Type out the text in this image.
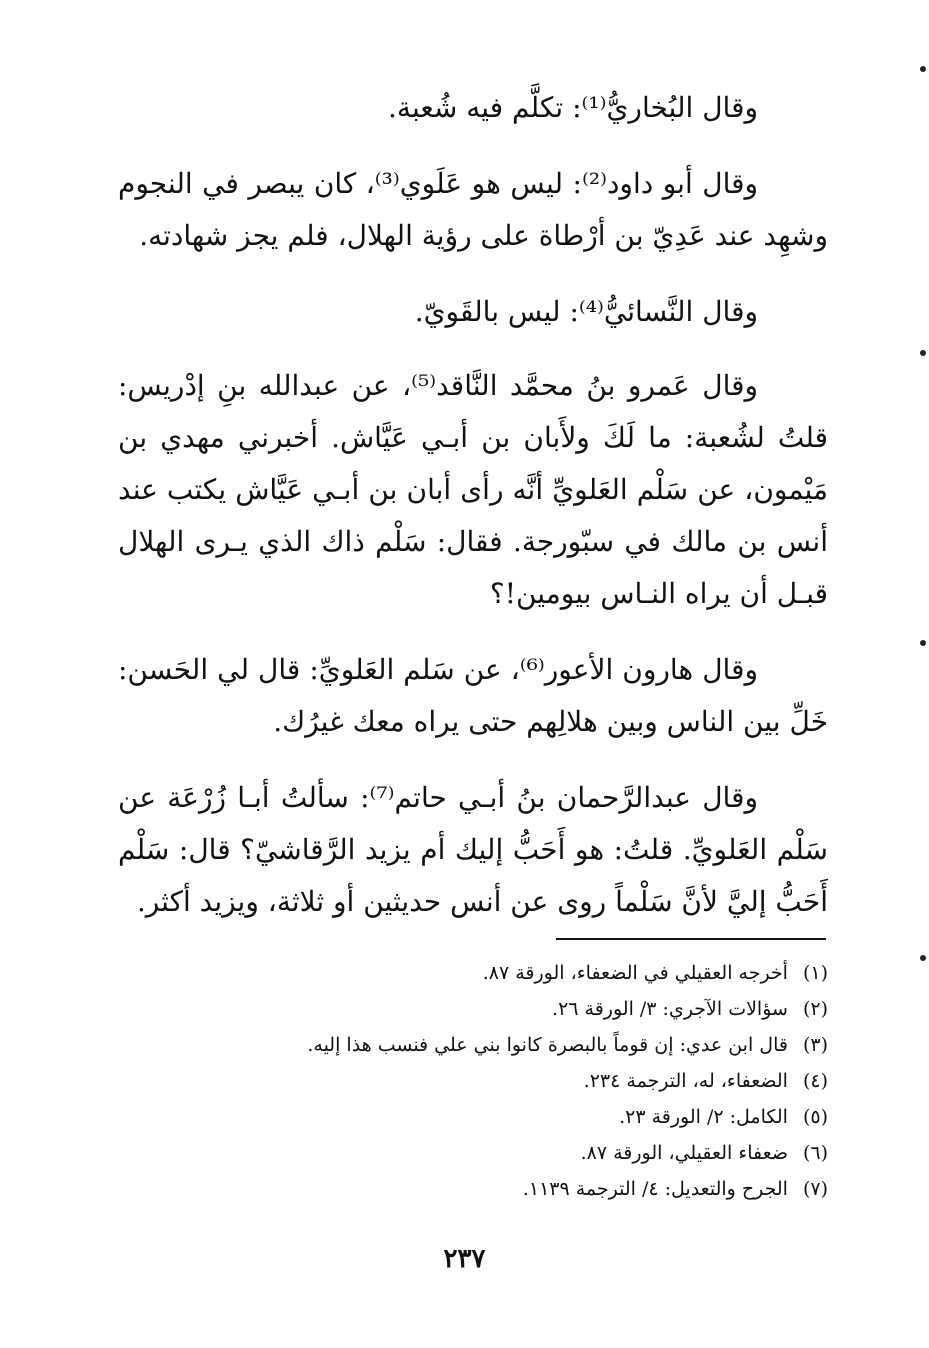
وقال البُخاريُّ⁽¹⁾: تكلَّم فيه شُعبة.

وقال أبو داود⁽²⁾: ليس هو عَلَوي⁽³⁾، كان يبصر في النجوم وشهِد عند عَدِيّ بن أرْطاة على رؤية الهلال، فلم يجز شهادته.

وقال النَّسائيُّ⁽⁴⁾: ليس بالقَويّ.

وقال عَمرو بنُ محمَّد النَّاقد⁽⁵⁾، عن عبدالله بنِ إدْريس: قلتُ لشُعبة: ما لَكَ ولأَبان بن أبـي عَيَّاش. أخبرني مهدي بن مَيْمون، عن سَلْم العَلويِّ أنَّه رأى أبان بن أبـي عَيَّاش يكتب عند أنس بن مالك في سبّورجة. فقال: سَلْم ذاك الذي يـرى الهلال قبـل أن يراه النـاس بيومين!؟

وقال هارون الأعور⁽⁶⁾، عن سَلم العَلويِّ: قال لي الحَسن: خَلِّ بين الناس وبين هلالِهم حتى يراه معك غيرُك.

وقال عبدالرَّحمان بنُ أبـي حاتم⁽⁷⁾: سألتُ أبـا زُرْعَة عن سَلْم العَلويِّ. قلتُ: هو أَحَبُّ إليك أم يزيد الرَّقاشيّ؟ قال: سَلْم أَحَبُّ إليَّ لأنَّ سَلْماً روى عن أنس حديثين أو ثلاثة، ويزيد أكثر.

(١) أخرجه العقيلي في الضعفاء، الورقة ٨٧.
(٢) سؤالات الآجري: ٣/ الورقة ٢٦.
(٣) قال ابن عدي: إن قوماً بالبصرة كانوا بني علي فنسب هذا إليه.
(٤) الضعفاء، له، الترجمة ٢٣٤.
(٥) الكامل: ٢/ الورقة ٢٣.
(٦) ضعفاء العقيلي، الورقة ٨٧.
(٧) الجرح والتعديل: ٤/ الترجمة ١١٣٩.
٢٣٧
